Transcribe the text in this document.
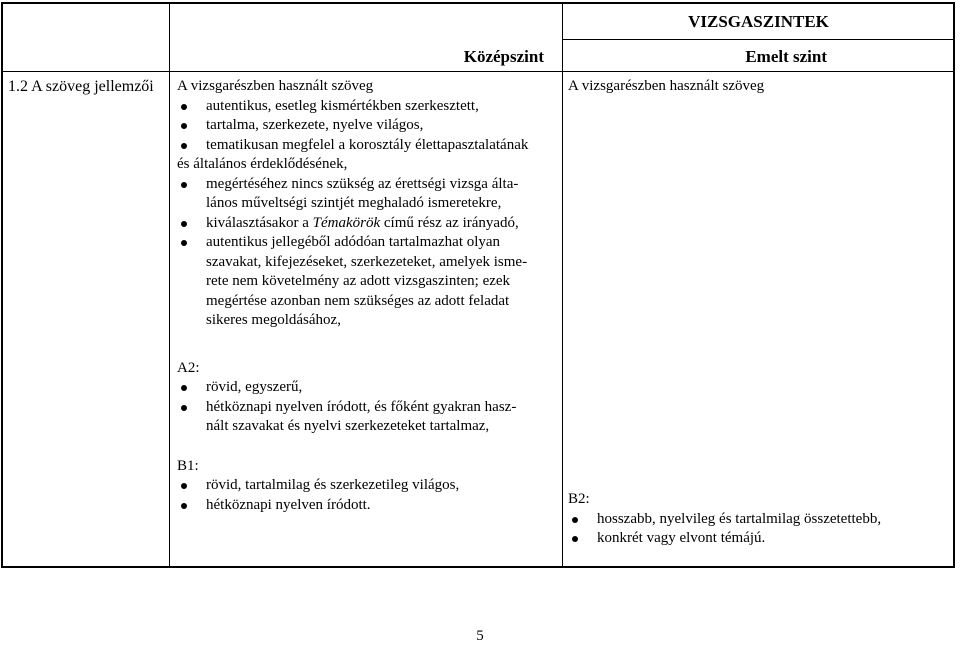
VIZSGASZINTEK
Középszint	Emelt szint
1.2 A szöveg jellemzői A vizsgarészben használt szöveg
autentikus, esetleg kismértékben szerkesztett,
tartalma, szerkezete, nyelve világos,
tematikusan megfelel a korosztály élettapasztalatának
és általános érdeklődésének,
megértéséhez nincs szükség az érettségi vizsga álta-
lános műveltségi szintjét meghaladó ismeretekre,
kiválasztásakor a Témakörök című rész az irányadó,
autentikus jellegéből adódóan tartalmazhat olyan
szavakat, kifejezéseket, szerkezeteket, amelyek isme-
rete nem követelmény az adott vizsgaszinten; ezek
megértése azonban nem szükséges az adott feladat
sikeres megoldásához,
A2:
rövid, egyszerű,
hétköznapi nyelven íródott, és főként gyakran hasz-
nált szavakat és nyelvi szerkezeteket tartalmaz,
B1:
rövid, tartalmilag és szerkezetileg világos,
hétköznapi nyelven íródott.
A vizsgarészben használt szöveg
B2:
hosszabb, nyelvileg és tartalmilag összetettebb,
konkrét vagy elvont témájú.
5
